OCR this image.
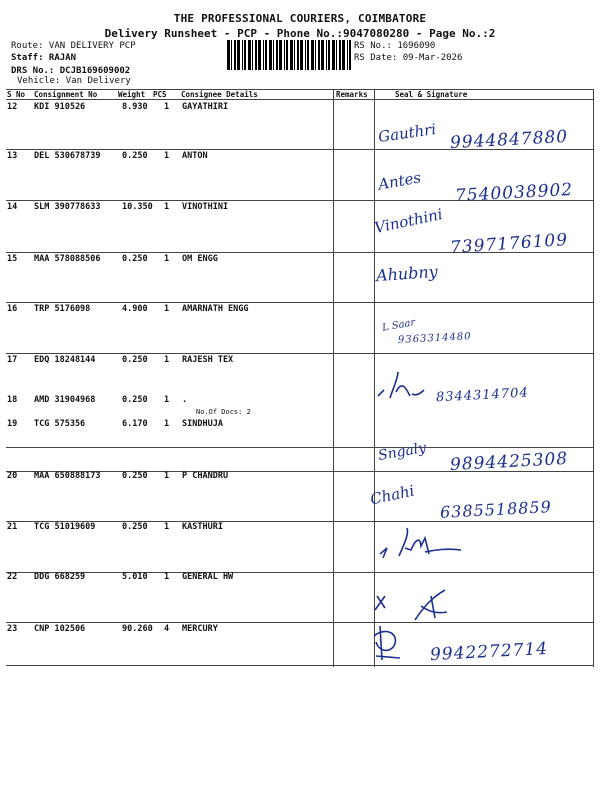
THE PROFESSIONAL COURIERS, COIMBATORE
Delivery Runsheet - PCP - Phone No.:9047080280 - Page No.:2
Route: VAN DELIVERY PCP
Staff: RAJAN
DRS No.: DCJB169609002
Vehicle: Van Delivery
RS No.: 1696090
RS Date: 09-Mar-2026
S No Consignment No	Weight PCS Consignee Details	Remarks	Seal & Signature
12 KDI 910526	8.930 1 GAYATHIRI
13 DEL 530678739	0.250 1 ANTON
14 SLM 390778633	10.350 1 VINOTHINI
15 MAA 578088506	0.250 1 OM ENGG
16 TRP 5176098	4.900 1 AMARNATH ENGG
17 EDQ 18248144	0.250 1 RAJESH TEX
18 AMD 31904968	0.250 1 .
19 TCG 575356	6.170 1 SINDHUJA
20 MAA 650888173	0.250 1 P CHANDRU
21 TCG 51019609	0.250 1 KASTHURI
22 DDG 668259	5.010 1 GENERAL HW
23 CNP 102506	90.260 4 MERCURY
No.Of Docs: 2
Gauthri 9944847880
Antes 7540038902
Vinothini
7397176109
Ahubny
L Saar
9363314480
8344314704
Sngaly 9894425308
Chahi
6385518859
9942272714
